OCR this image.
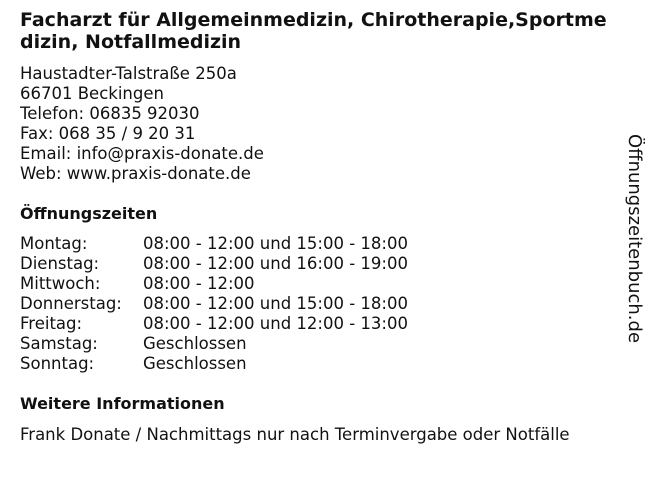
Facharzt für Allgemeinmedizin, Chirotherapie,Sportmedizin, Notfallmedizin
Haustadter-Talstraße 250a
66701 Beckingen
Telefon: 06835 92030
Fax: 068 35 / 9 20 31
Email: info@praxis-donate.de
Web: www.praxis-donate.de
Öffnungszeiten
Montag:	08:00 - 12:00 und 15:00 - 18:00
Dienstag:	08:00 - 12:00 und 16:00 - 19:00
Mittwoch:	08:00 - 12:00
Donnerstag:	08:00 - 12:00 und 15:00 - 18:00
Freitag:	08:00 - 12:00 und 12:00 - 13:00
Samstag:	Geschlossen
Sonntag:	Geschlossen
Weitere Informationen
Frank Donate / Nachmittags nur nach Terminvergabe oder Notfälle
Öffnungszeitenbuch.de
